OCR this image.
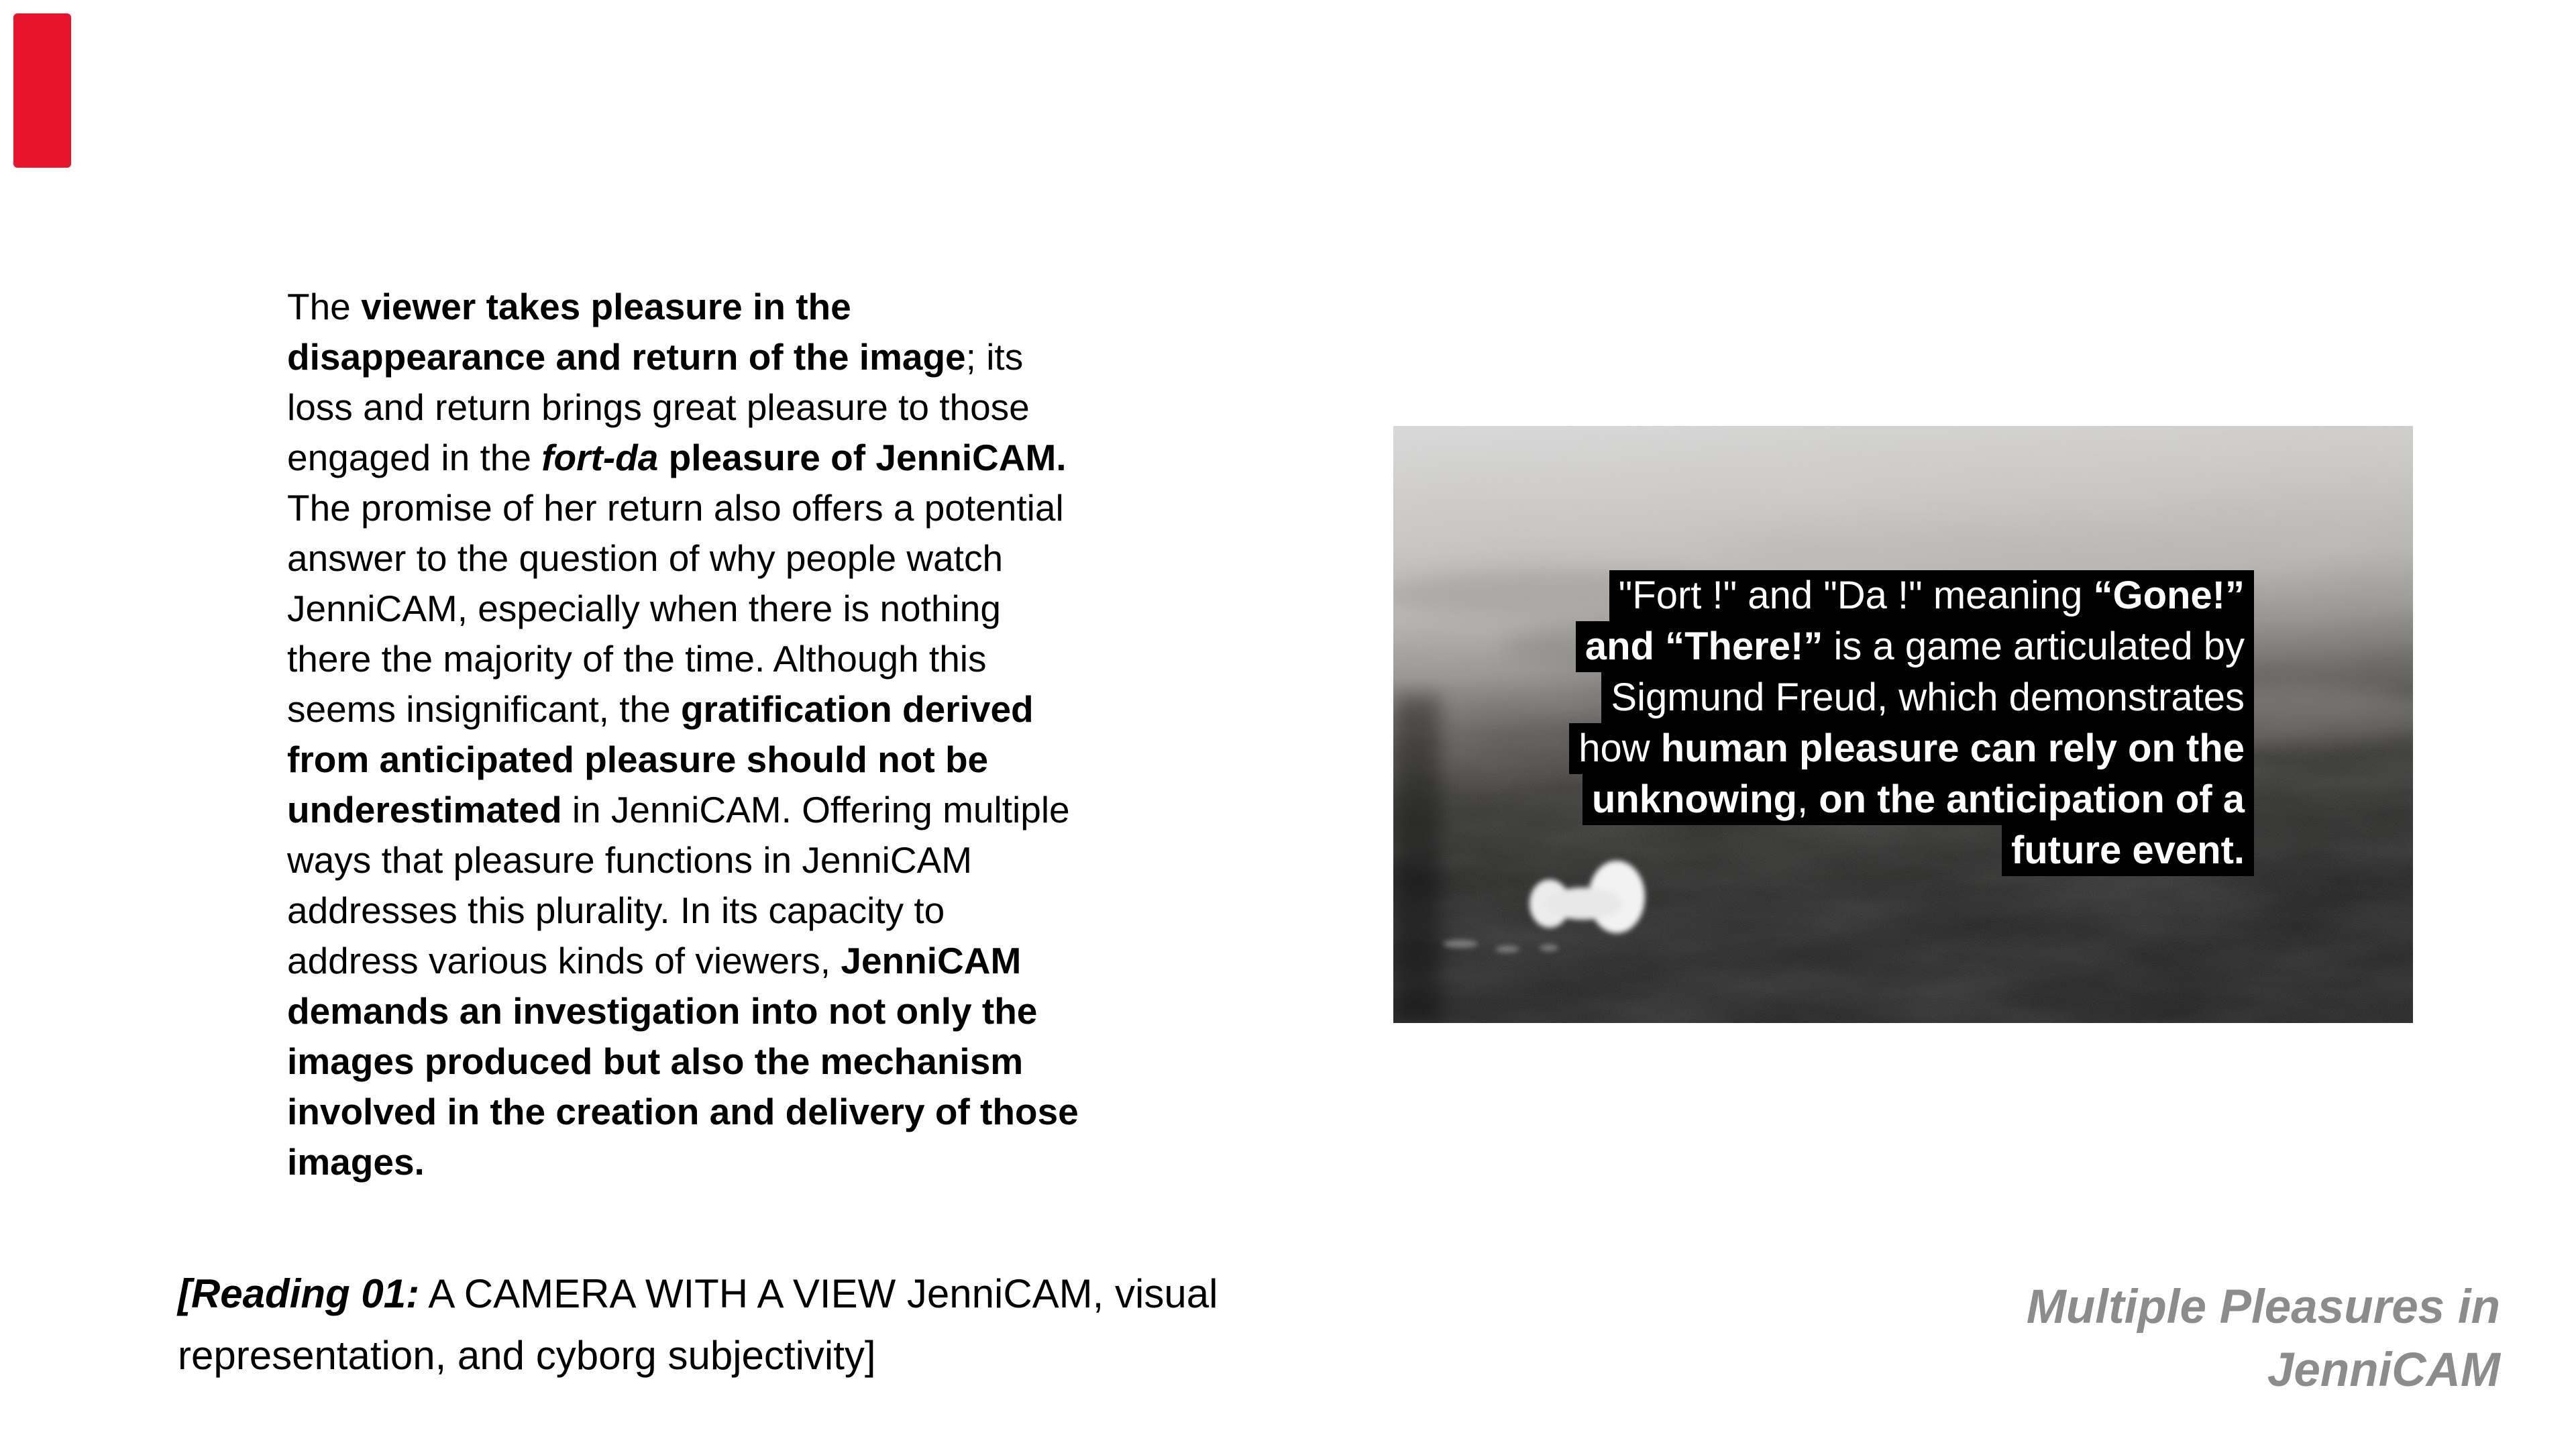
The viewer takes pleasure in the
disappearance and return of the image; its
loss and return brings great pleasure to those
engaged in the fort-da pleasure of JenniCAM.
The promise of her return also offers a potential
answer to the question of why people watch
JenniCAM, especially when there is nothing
there the majority of the time. Although this
seems insignificant, the gratification derived
from anticipated pleasure should not be
underestimated in JenniCAM. Offering multiple
ways that pleasure functions in JenniCAM
addresses this plurality. In its capacity to
address various kinds of viewers, JenniCAM
demands an investigation into not only the
images produced but also the mechanism
involved in the creation and delivery of those
images.
"Fort !" and "Da !" meaning “Gone!”
and “There!” is a game articulated by
Sigmund Freud, which demonstrates
how human pleasure can rely on the
unknowing, on the anticipation of a
future event.
[Reading 01: A CAMERA WITH A VIEW JenniCAM, visual
representation, and cyborg subjectivity]
Multiple Pleasures in
JenniCAM
